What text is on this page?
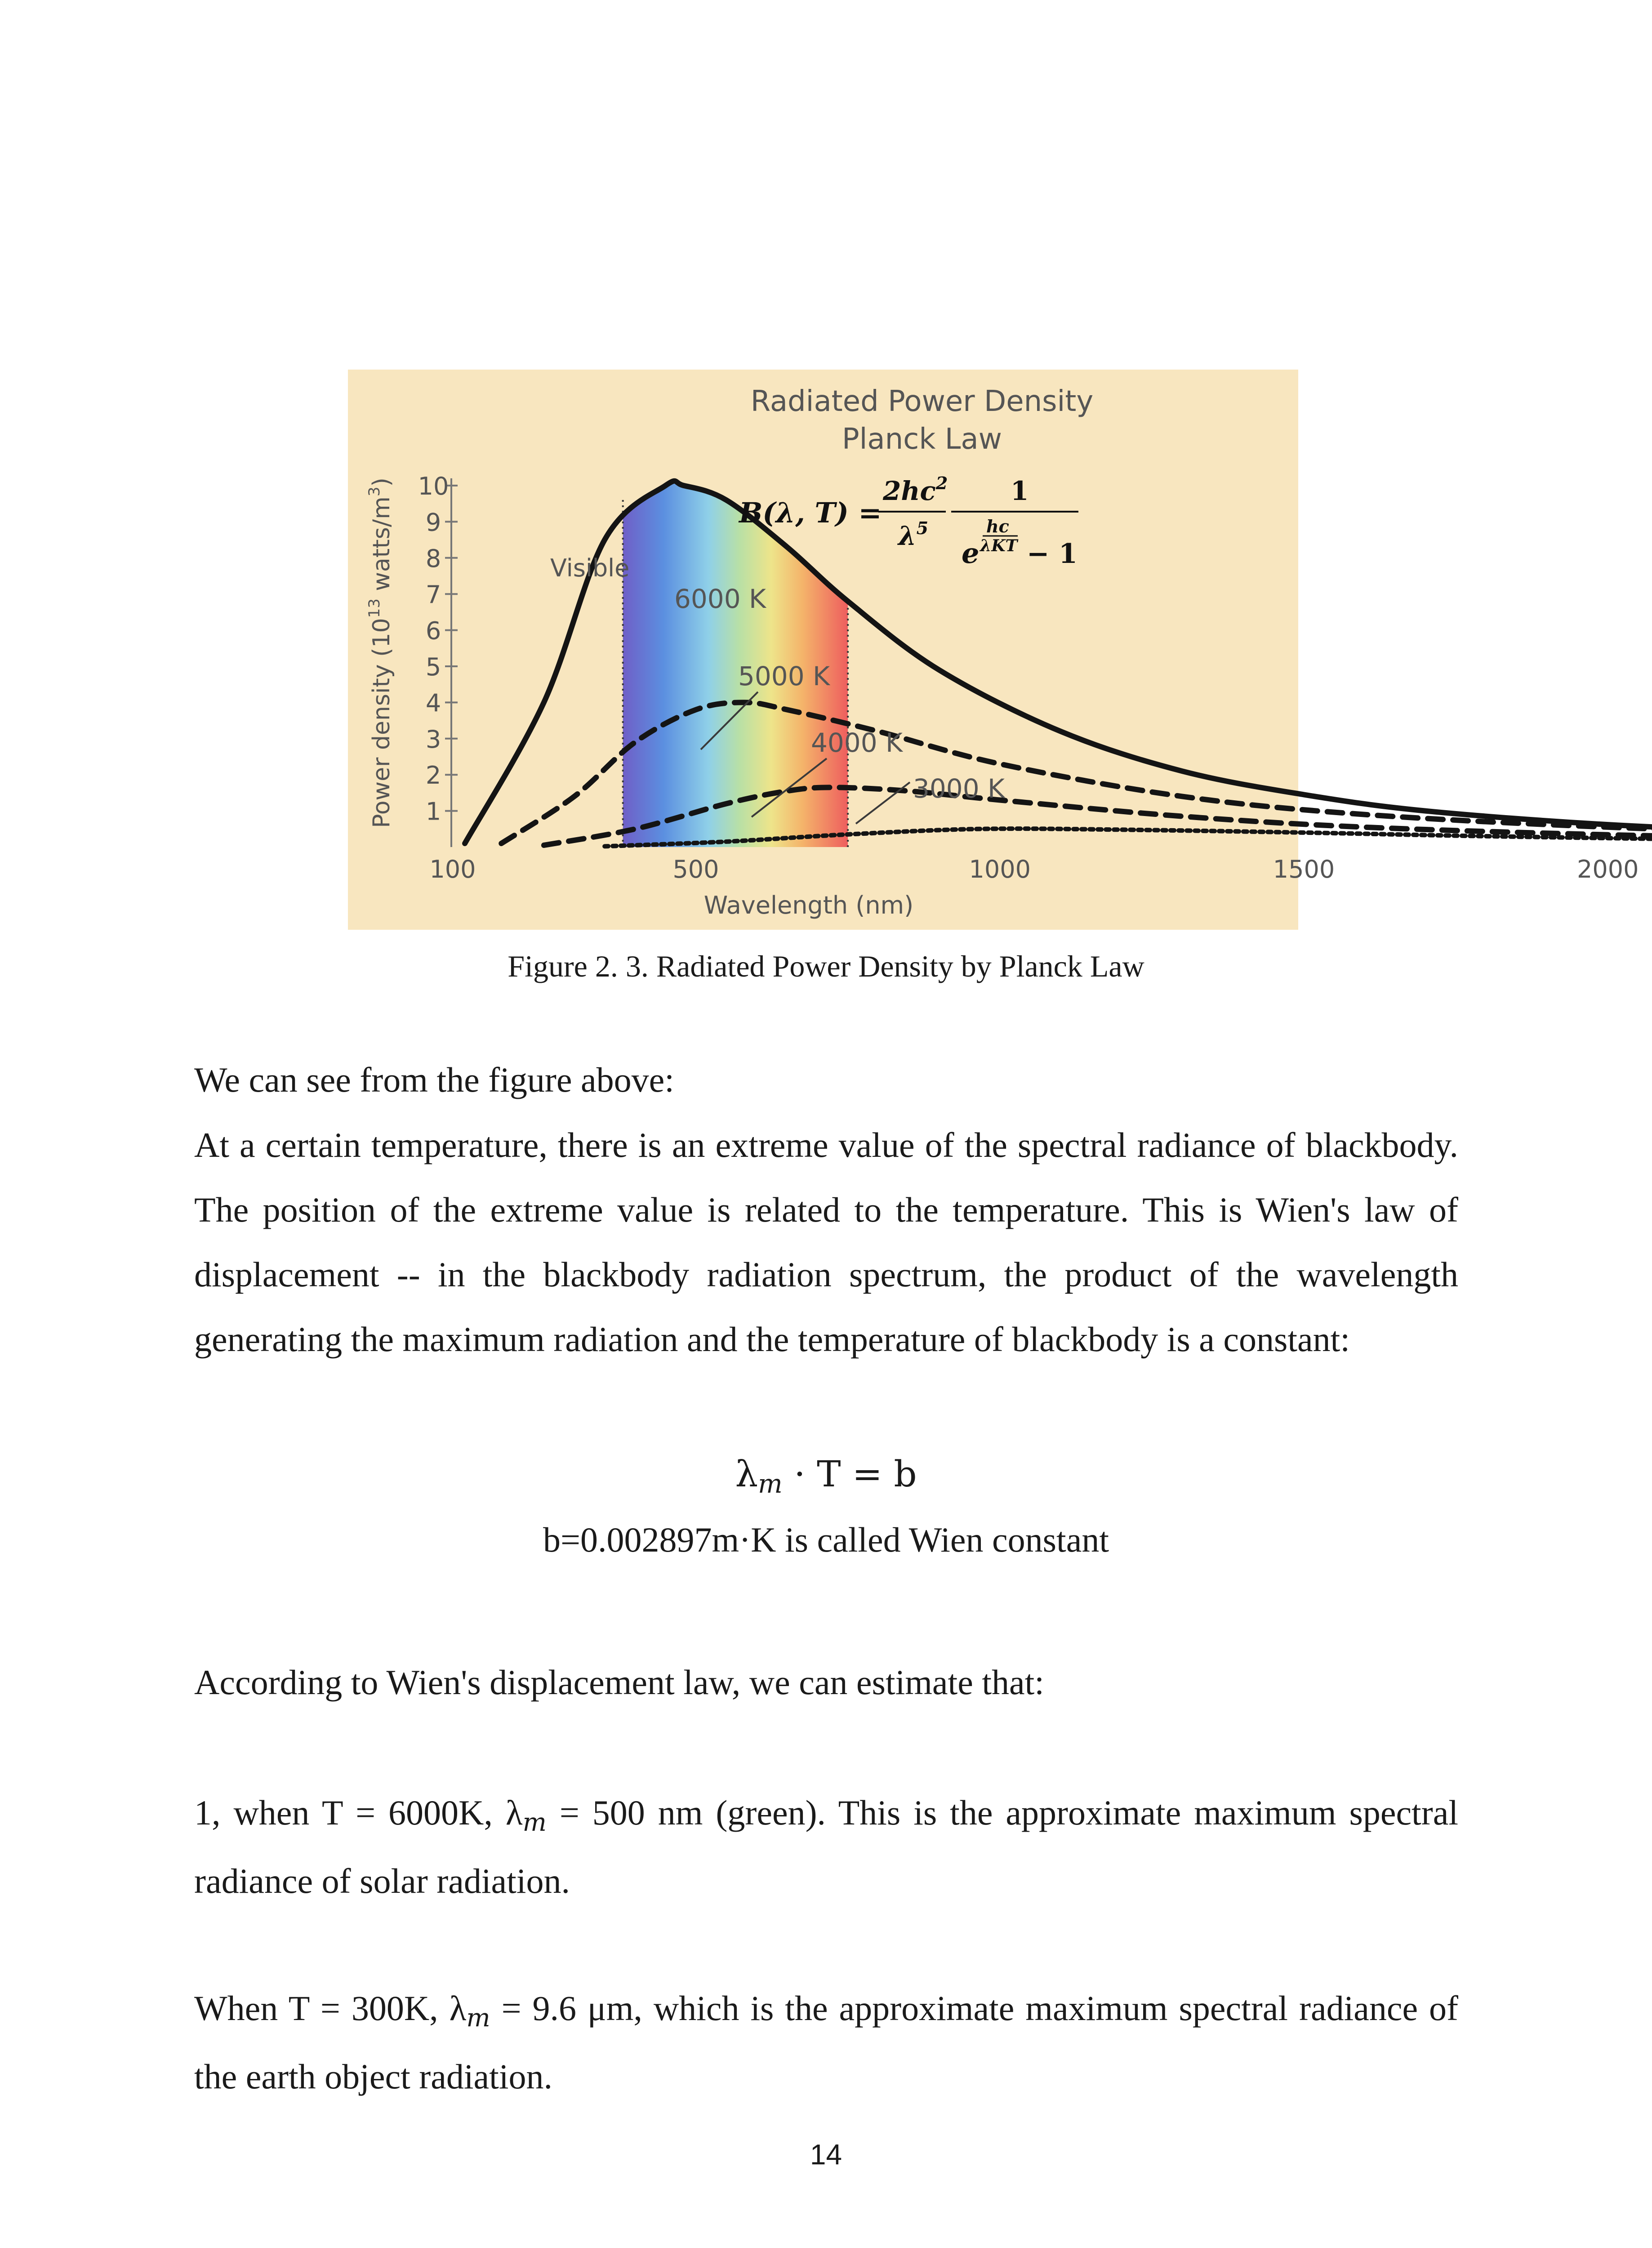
1
2
3
4
5
6
7
8
9
10
100	500	1000	1500	2000
Radiated Power Density
Planck Law
B(λ, T) =
$2hc^2$
$\lambda^5$
1
hc
e λKT − 1
Visible
6000 K
5000 K
4000 K
3000 K
Wavelength (nm)
Power density ($10^{13}$ watts/$m^3$)
Figure 2. 3. Radiated Power Density by Planck Law
We can see from the figure above:
At a certain temperature, there is an extreme value of the spectral radiance of blackbody. The position of the extreme value is related to the temperature. This is Wien's law of displacement -- in the blackbody radiation spectrum, the product of the wavelength generating the maximum radiation and the temperature of blackbody is a constant:
λm · T = b
b=0.002897m·K is called Wien constant
According to Wien's displacement law, we can estimate that:
1, when T = 6000K, λm = 500 nm (green). This is the approximate maximum spectral radiance of solar radiation.
When T = 300K, λm = 9.6 μm, which is the approximate maximum spectral radiance of the earth object radiation.
14
